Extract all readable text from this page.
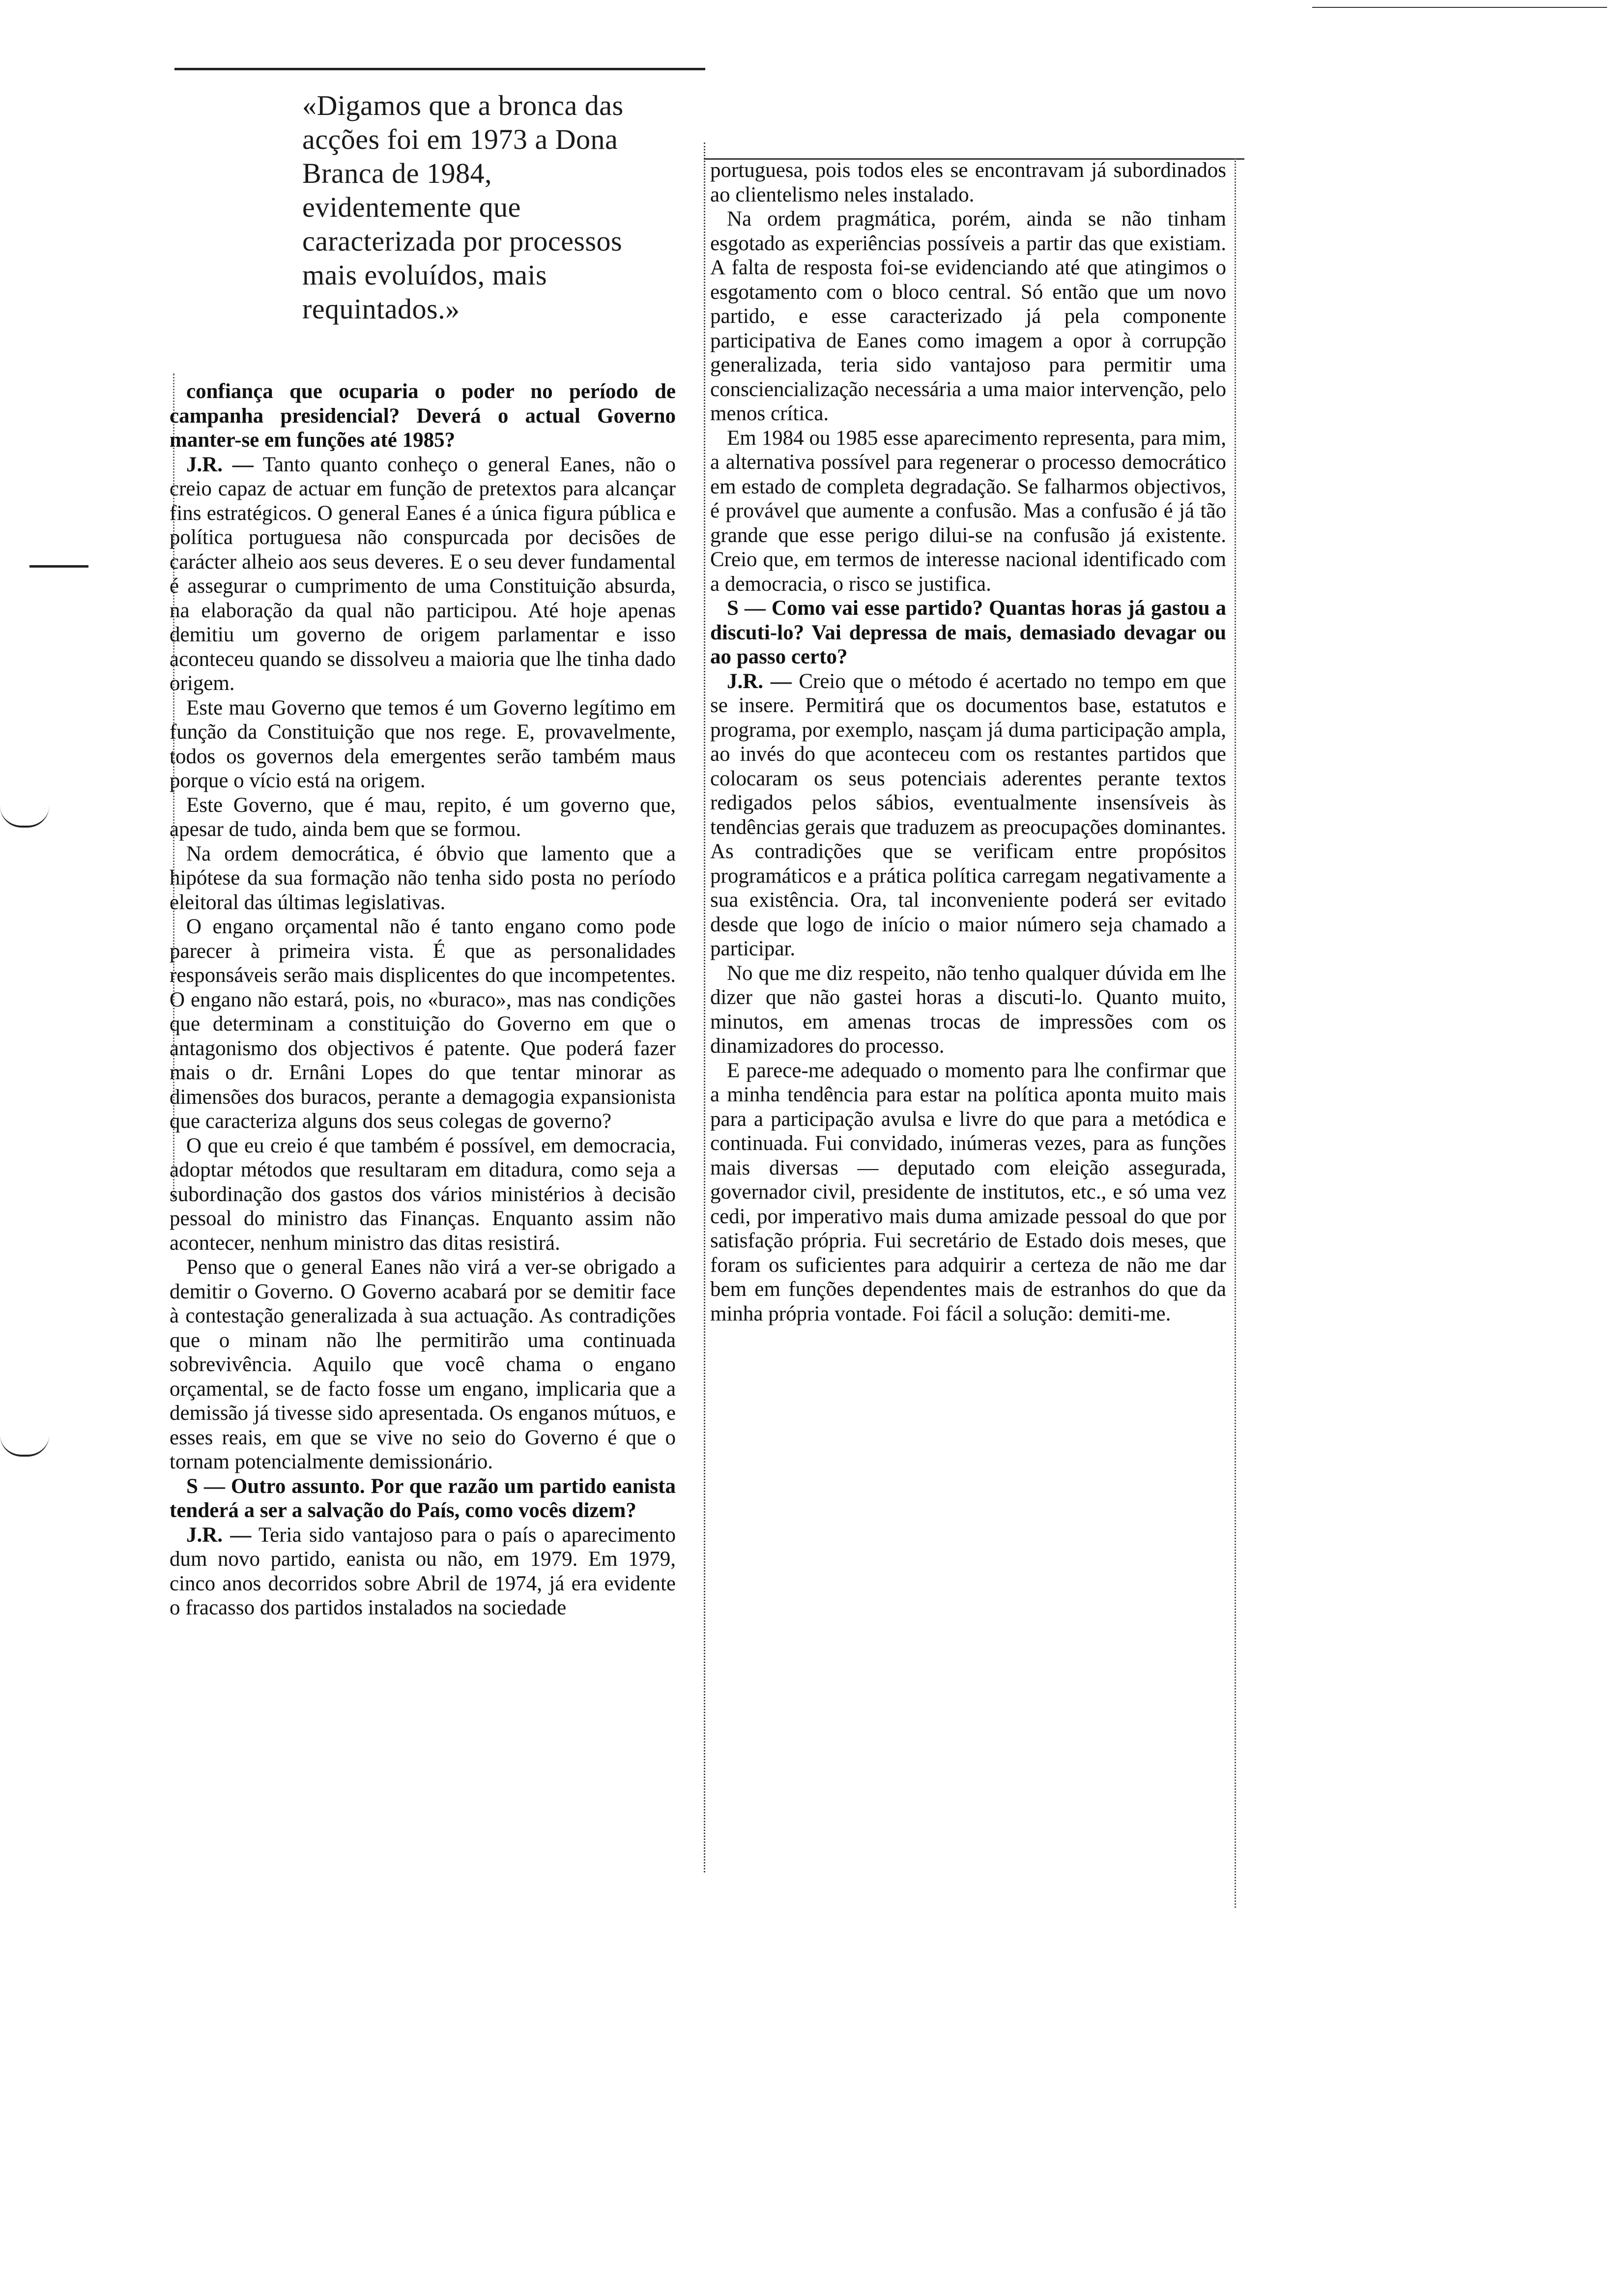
«Digamos que a bronca das
acções foi em 1973 a Dona
Branca de 1984,
evidentemente que
caracterizada por processos
mais evoluídos, mais
requintados.»

confiança que ocuparia o poder no período de campanha presidencial? Deverá o actual Governo manter-se em funções até 1985?

J.R. — Tanto quanto conheço o general Eanes, não o creio capaz de actuar em função de pretextos para alcançar fins estratégicos. O general Eanes é a única figura pública e política portuguesa não conspurcada por decisões de carácter alheio aos seus deveres. E o seu dever fundamental é assegurar o cumprimento de uma Constituição absurda, na elaboração da qual não participou. Até hoje apenas demitiu um governo de origem parlamentar e isso aconteceu quando se dissolveu a maioria que lhe tinha dado origem.

Este mau Governo que temos é um Governo legítimo em função da Constituição que nos rege. E, provavelmente, todos os governos dela emergentes serão também maus porque o vício está na origem.

Este Governo, que é mau, repito, é um governo que, apesar de tudo, ainda bem que se formou.

Na ordem democrática, é óbvio que lamento que a hipótese da sua formação não tenha sido posta no período eleitoral das últimas legislativas.

O engano orçamental não é tanto engano como pode parecer à primeira vista. É que as personalidades responsáveis serão mais displicentes do que incompetentes. O engano não estará, pois, no «buraco», mas nas condições que determinam a constituição do Governo em que o antagonismo dos objectivos é patente. Que poderá fazer mais o dr. Ernâni Lopes do que tentar minorar as dimensões dos buracos, perante a demagogia expansionista que caracteriza alguns dos seus colegas de governo?

O que eu creio é que também é possível, em democracia, adoptar métodos que resultaram em ditadura, como seja a subordinação dos gastos dos vários ministérios à decisão pessoal do ministro das Finanças. Enquanto assim não acontecer, nenhum ministro das ditas resistirá.

Penso que o general Eanes não virá a ver-se obrigado a demitir o Governo. O Governo acabará por se demitir face à contestação generalizada à sua actuação. As contradições que o minam não lhe permitirão uma continuada sobrevivência. Aquilo que você chama o engano orçamental, se de facto fosse um engano, implicaria que a demissão já tivesse sido apresentada. Os enganos mútuos, e esses reais, em que se vive no seio do Governo é que o tornam potencialmente demissionário.

S — Outro assunto. Por que razão um partido eanista tenderá a ser a salvação do País, como vocês dizem?

J.R. — Teria sido vantajoso para o país o aparecimento dum novo partido, eanista ou não, em 1979. Em 1979, cinco anos decorridos sobre Abril de 1974, já era evidente o fracasso dos partidos instalados na sociedade

portuguesa, pois todos eles se encontravam já subordinados ao clientelismo neles instalado.

Na ordem pragmática, porém, ainda se não tinham esgotado as experiências possíveis a partir das que existiam. A falta de resposta foi-se evidenciando até que atingimos o esgotamento com o bloco central. Só então que um novo partido, e esse caracterizado já pela componente participativa de Eanes como imagem a opor à corrupção generalizada, teria sido vantajoso para permitir uma consciencialização necessária a uma maior intervenção, pelo menos crítica.

Em 1984 ou 1985 esse aparecimento representa, para mim, a alternativa possível para regenerar o processo democrático em estado de completa degradação. Se falharmos objectivos, é provável que aumente a confusão. Mas a confusão é já tão grande que esse perigo dilui-se na confusão já existente. Creio que, em termos de interesse nacional identificado com a democracia, o risco se justifica.

S — Como vai esse partido? Quantas horas já gastou a discuti-lo? Vai depressa de mais, demasiado devagar ou ao passo certo?

J.R. — Creio que o método é acertado no tempo em que se insere. Permitirá que os documentos base, estatutos e programa, por exemplo, nasçam já duma participação ampla, ao invés do que aconteceu com os restantes partidos que colocaram os seus potenciais aderentes perante textos redigados pelos sábios, eventualmente insensíveis às tendências gerais que traduzem as preocupações dominantes. As contradições que se verificam entre propósitos programáticos e a prática política carregam negativamente a sua existência. Ora, tal inconveniente poderá ser evitado desde que logo de início o maior número seja chamado a participar.

No que me diz respeito, não tenho qualquer dúvida em lhe dizer que não gastei horas a discuti-lo. Quanto muito, minutos, em amenas trocas de impressões com os dinamizadores do processo.

E parece-me adequado o momento para lhe confirmar que a minha tendência para estar na política aponta muito mais para a participação avulsa e livre do que para a metódica e continuada. Fui convidado, inúmeras vezes, para as funções mais diversas — deputado com eleição assegurada, governador civil, presidente de institutos, etc., e só uma vez cedi, por imperativo mais duma amizade pessoal do que por satisfação própria. Fui secretário de Estado dois meses, que foram os suficientes para adquirir a certeza de não me dar bem em funções dependentes mais de estranhos do que da minha própria vontade. Foi fácil a solução: demiti-me.
